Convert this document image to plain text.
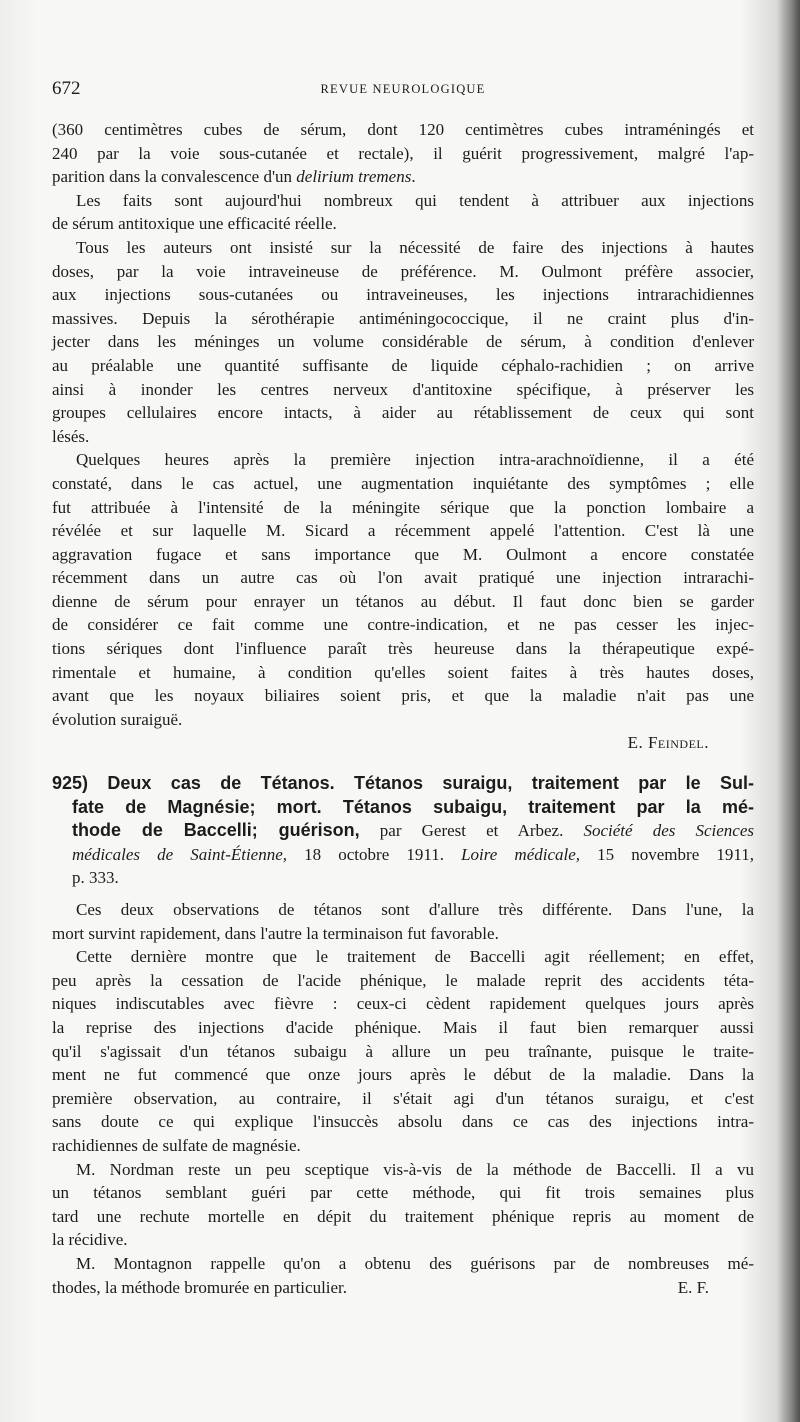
672	REVUE NEUROLOGIQUE
(360 centimètres cubes de sérum, dont 120 centimètres cubes intraméningés et
240 par la voie sous-cutanée et rectale), il guérit progressivement, malgré l'ap-
parition dans la convalescence d'un delirium tremens.
Les faits sont aujourd'hui nombreux qui tendent à attribuer aux injections
de sérum antitoxique une efficacité réelle.
Tous les auteurs ont insisté sur la nécessité de faire des injections à hautes
doses, par la voie intraveineuse de préférence. M. Oulmont préfère associer,
aux injections sous-cutanées ou intraveineuses, les injections intrarachidiennes
massives. Depuis la sérothérapie antiméningococcique, il ne craint plus d'in-
jecter dans les méninges un volume considérable de sérum, à condition d'enlever
au préalable une quantité suffisante de liquide céphalo-rachidien ; on arrive
ainsi à inonder les centres nerveux d'antitoxine spécifique, à préserver les
groupes cellulaires encore intacts, à aider au rétablissement de ceux qui sont
lésés.
Quelques heures après la première injection intra-arachnoïdienne, il a été
constaté, dans le cas actuel, une augmentation inquiétante des symptômes ; elle
fut attribuée à l'intensité de la méningite sérique que la ponction lombaire a
révélée et sur laquelle M. Sicard a récemment appelé l'attention. C'est là une
aggravation fugace et sans importance que M. Oulmont a encore constatée
récemment dans un autre cas où l'on avait pratiqué une injection intrarachi-
dienne de sérum pour enrayer un tétanos au début. Il faut donc bien se garder
de considérer ce fait comme une contre-indication, et ne pas cesser les injec-
tions sériques dont l'influence paraît très heureuse dans la thérapeutique expé-
rimentale et humaine, à condition qu'elles soient faites à très hautes doses,
avant que les noyaux biliaires soient pris, et que la maladie n'ait pas une
évolution suraiguë.
E. Feindel.
925) Deux cas de Tétanos. Tétanos suraigu, traitement par le Sul-
fate de Magnésie; mort. Tétanos subaigu, traitement par la mé-
thode de Baccelli; guérison, par Gerest et Arbez. Société des Sciences
médicales de Saint-Étienne, 18 octobre 1911. Loire médicale, 15 novembre 1911,
p. 333.
Ces deux observations de tétanos sont d'allure très différente. Dans l'une, la
mort survint rapidement, dans l'autre la terminaison fut favorable.
Cette dernière montre que le traitement de Baccelli agit réellement; en effet,
peu après la cessation de l'acide phénique, le malade reprit des accidents téta-
niques indiscutables avec fièvre : ceux-ci cèdent rapidement quelques jours après
la reprise des injections d'acide phénique. Mais il faut bien remarquer aussi
qu'il s'agissait d'un tétanos subaigu à allure un peu traînante, puisque le traite-
ment ne fut commencé que onze jours après le début de la maladie. Dans la
première observation, au contraire, il s'était agi d'un tétanos suraigu, et c'est
sans doute ce qui explique l'insuccès absolu dans ce cas des injections intra-
rachidiennes de sulfate de magnésie.
M. Nordman reste un peu sceptique vis-à-vis de la méthode de Baccelli. Il a vu
un tétanos semblant guéri par cette méthode, qui fit trois semaines plus
tard une rechute mortelle en dépit du traitement phénique repris au moment de
la récidive.
M. Montagnon rappelle qu'on a obtenu des guérisons par de nombreuses mé-
thodes, la méthode bromurée en particulier.	E. F.
